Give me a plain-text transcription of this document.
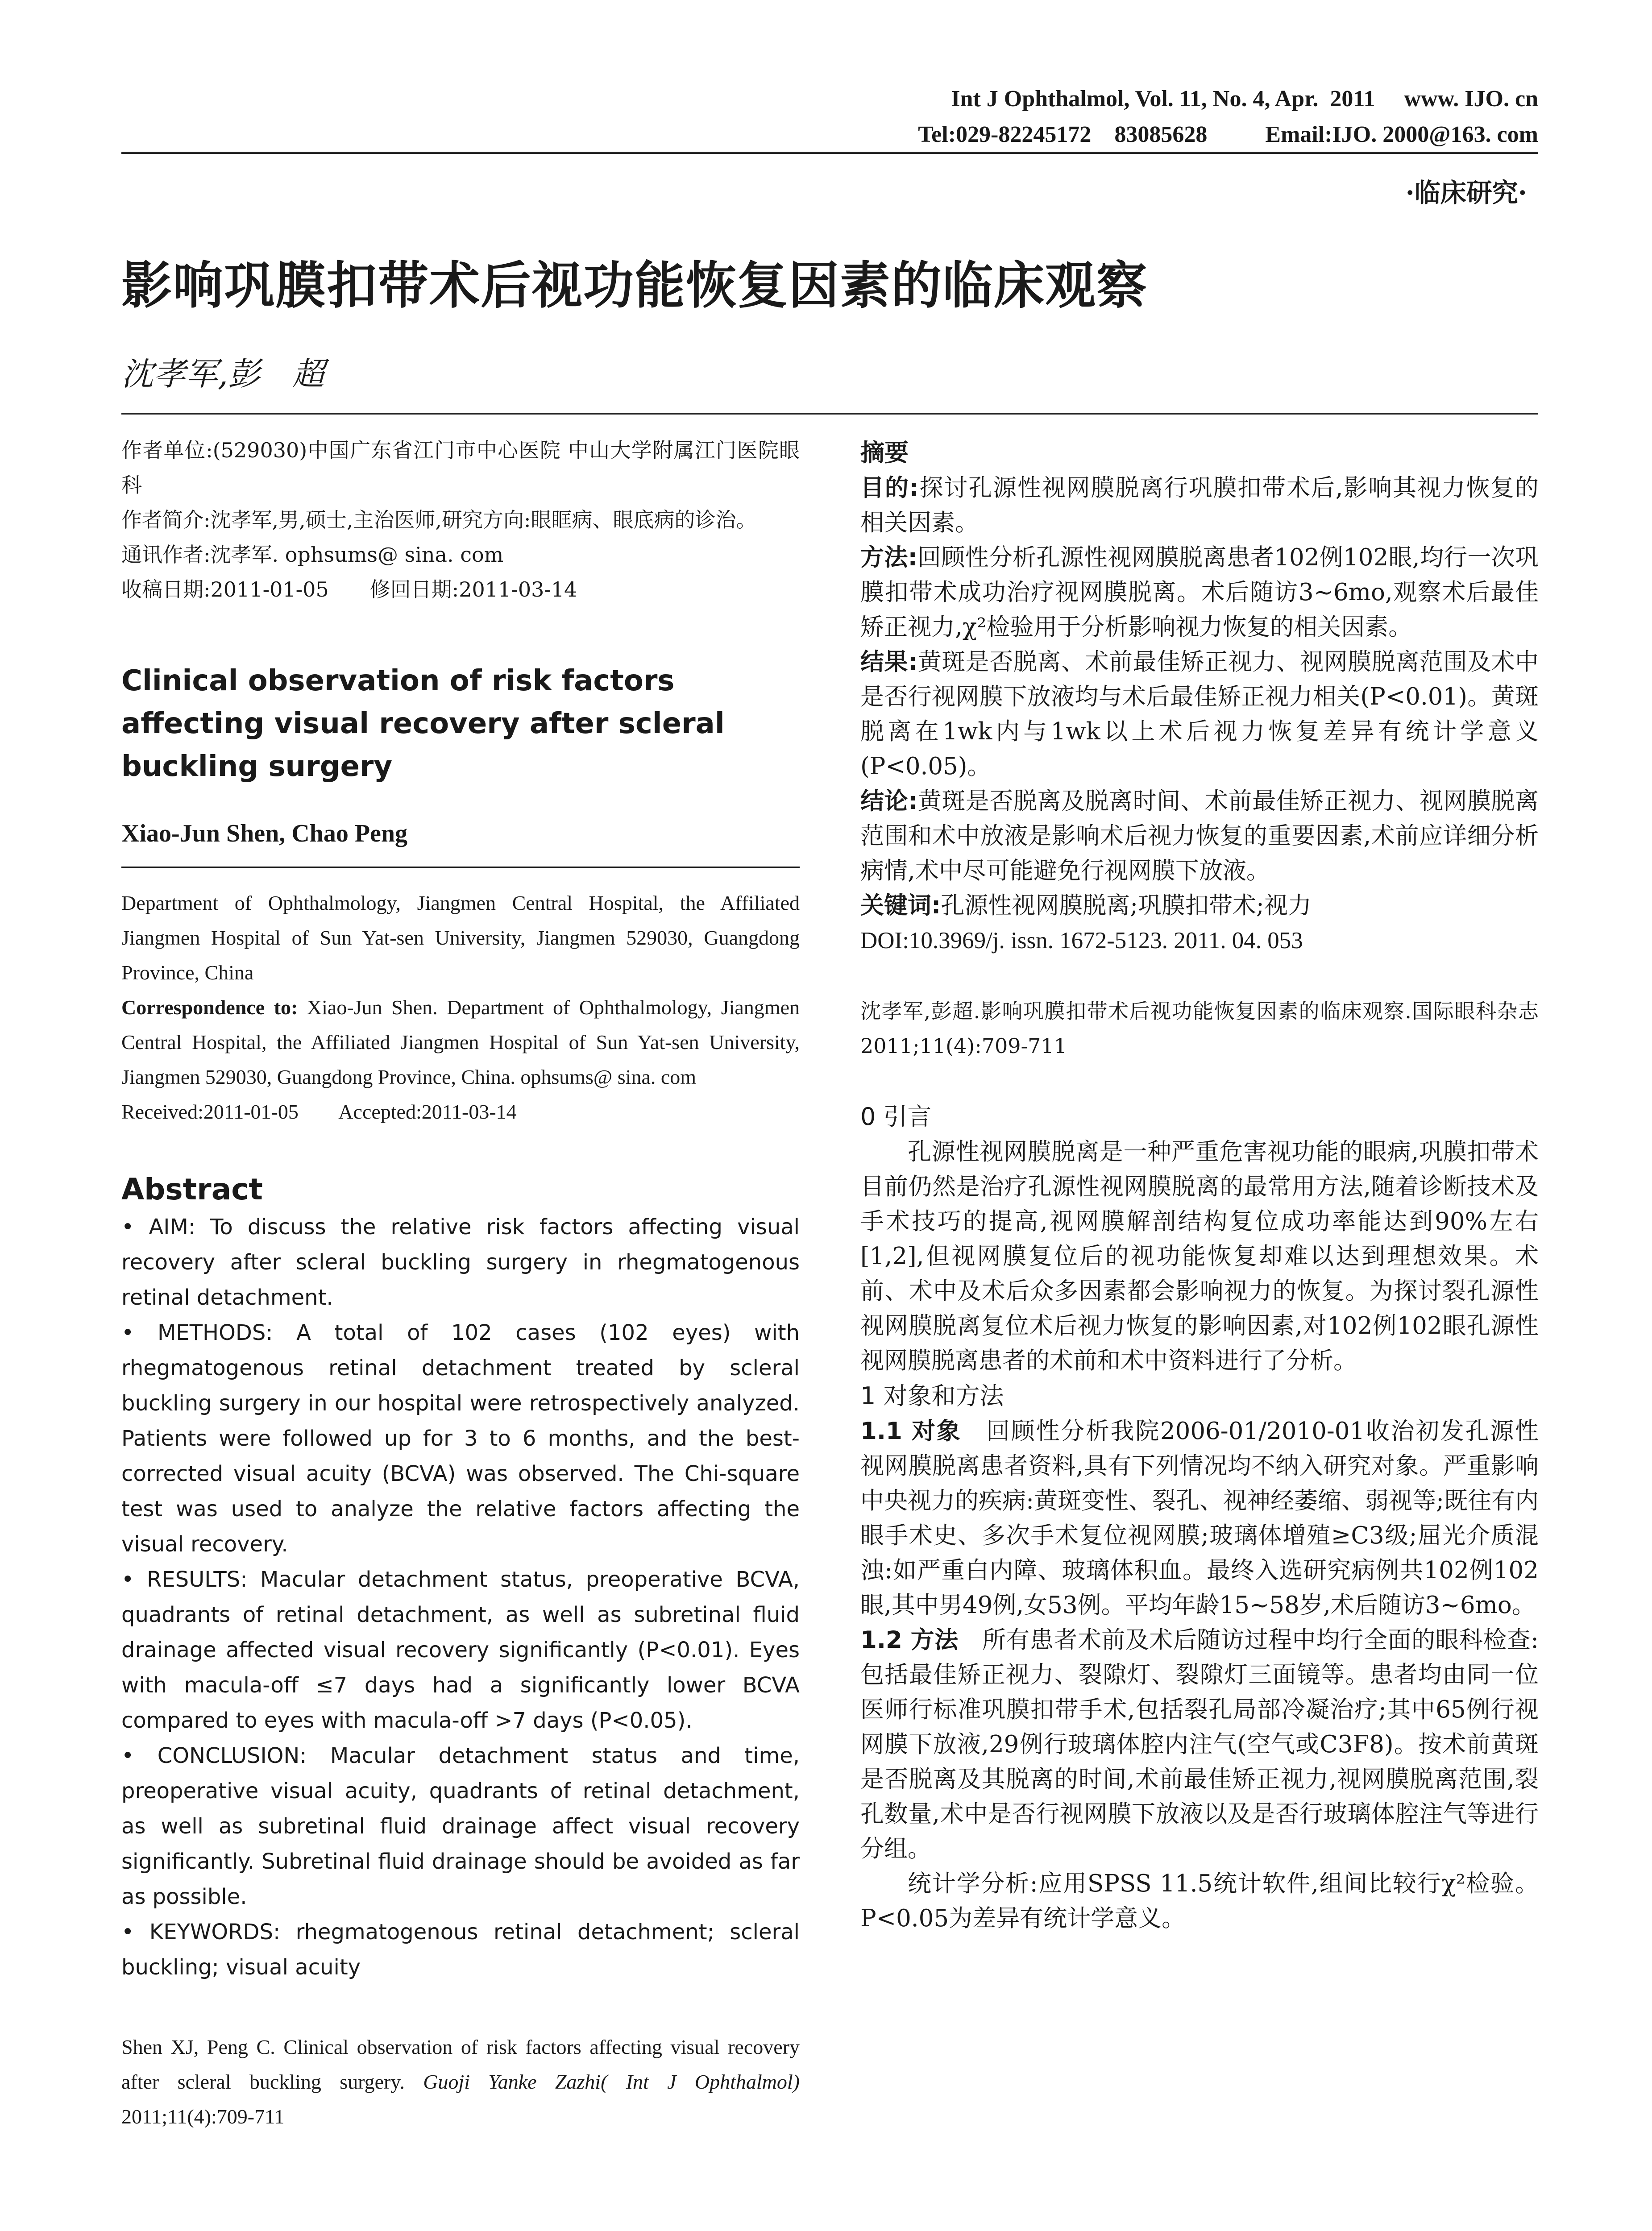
Int J Ophthalmol, Vol. 11, No. 4, Apr.  2011     www. IJO. cn
Tel:029-82245172    83085628          Email:IJO. 2000@163. com
·临床研究·
影响巩膜扣带术后视功能恢复因素的临床观察
沈孝军,彭　超

作者单位:(529030)中国广东省江门市中心医院 中山大学附属江门医院眼科

作者简介:沈孝军,男,硕士,主治医师,研究方向:眼眶病、眼底病的诊治。

通讯作者:沈孝军. ophsums@ sina. com

收稿日期:2011-01-05　　修回日期:2011-03-14

Clinical observation of risk factors affecting visual recovery after scleral buckling surgery
Xiao-Jun Shen, Chao Peng

Department of Ophthalmology, Jiangmen Central Hospital, the Affiliated Jiangmen Hospital of Sun Yat-sen University, Jiangmen 529030, Guangdong Province, China

Correspondence to: Xiao-Jun Shen. Department of Ophthalmology, Jiangmen Central Hospital, the Affiliated Jiangmen Hospital of Sun Yat-sen University, Jiangmen 529030, Guangdong Province, China. ophsums@ sina. com

Received:2011-01-05        Accepted:2011-03-14

Abstract

• AIM: To discuss the relative risk factors affecting visual recovery after scleral buckling surgery in rhegmatogenous retinal detachment.

• METHODS: A total of 102 cases (102 eyes) with rhegmatogenous retinal detachment treated by scleral buckling surgery in our hospital were retrospectively analyzed. Patients were followed up for 3 to 6 months, and the best-corrected visual acuity (BCVA) was observed. The Chi-square test was used to analyze the relative factors affecting the visual recovery.

• RESULTS: Macular detachment status, preoperative BCVA, quadrants of retinal detachment, as well as subretinal fluid drainage affected visual recovery significantly (P<0.01). Eyes with macula-off ≤7 days had a significantly lower BCVA compared to eyes with macula-off >7 days (P<0.05).

• CONCLUSION: Macular detachment status and time, preoperative visual acuity, quadrants of retinal detachment, as well as subretinal fluid drainage affect visual recovery significantly. Subretinal fluid drainage should be avoided as far as possible.

• KEYWORDS: rhegmatogenous retinal detachment; scleral buckling; visual acuity

Shen XJ, Peng C. Clinical observation of risk factors affecting visual recovery after scleral buckling surgery. Guoji Yanke Zazhi( Int J Ophthalmol) 2011;11(4):709-711

摘要

目的:探讨孔源性视网膜脱离行巩膜扣带术后,影响其视力恢复的相关因素。

方法:回顾性分析孔源性视网膜脱离患者102例102眼,均行一次巩膜扣带术成功治疗视网膜脱离。术后随访3~6mo,观察术后最佳矫正视力,χ²检验用于分析影响视力恢复的相关因素。

结果:黄斑是否脱离、术前最佳矫正视力、视网膜脱离范围及术中是否行视网膜下放液均与术后最佳矫正视力相关(P<0.01)。黄斑脱离在1wk内与1wk以上术后视力恢复差异有统计学意义(P<0.05)。

结论:黄斑是否脱离及脱离时间、术前最佳矫正视力、视网膜脱离范围和术中放液是影响术后视力恢复的重要因素,术前应详细分析病情,术中尽可能避免行视网膜下放液。

关键词:孔源性视网膜脱离;巩膜扣带术;视力

DOI:10.3969/j. issn. 1672-5123. 2011. 04. 053

沈孝军,彭超.影响巩膜扣带术后视功能恢复因素的临床观察.国际眼科杂志 2011;11(4):709-711

0 引言

孔源性视网膜脱离是一种严重危害视功能的眼病,巩膜扣带术目前仍然是治疗孔源性视网膜脱离的最常用方法,随着诊断技术及手术技巧的提高,视网膜解剖结构复位成功率能达到90%左右[1,2],但视网膜复位后的视功能恢复却难以达到理想效果。术前、术中及术后众多因素都会影响视力的恢复。为探讨裂孔源性视网膜脱离复位术后视力恢复的影响因素,对102例102眼孔源性视网膜脱离患者的术前和术中资料进行了分析。

1 对象和方法

1.1 对象　 回顾性分析我院2006-01/2010-01收治初发孔源性视网膜脱离患者资料,具有下列情况均不纳入研究对象。严重影响中央视力的疾病:黄斑变性、裂孔、视神经萎缩、弱视等;既往有内眼手术史、多次手术复位视网膜;玻璃体增殖≥C3级;屈光介质混浊:如严重白内障、玻璃体积血。最终入选研究病例共102例102眼,其中男49例,女53例。平均年龄15~58岁,术后随访3~6mo。

1.2 方法　 所有患者术前及术后随访过程中均行全面的眼科检查:包括最佳矫正视力、裂隙灯、裂隙灯三面镜等。患者均由同一位医师行标准巩膜扣带手术,包括裂孔局部冷凝治疗;其中65例行视网膜下放液,29例行玻璃体腔内注气(空气或C3F8)。按术前黄斑是否脱离及其脱离的时间,术前最佳矫正视力,视网膜脱离范围,裂孔数量,术中是否行视网膜下放液以及是否行玻璃体腔注气等进行分组。

统计学分析:应用SPSS 11.5统计软件,组间比较行χ²检验。P<0.05为差异有统计学意义。
